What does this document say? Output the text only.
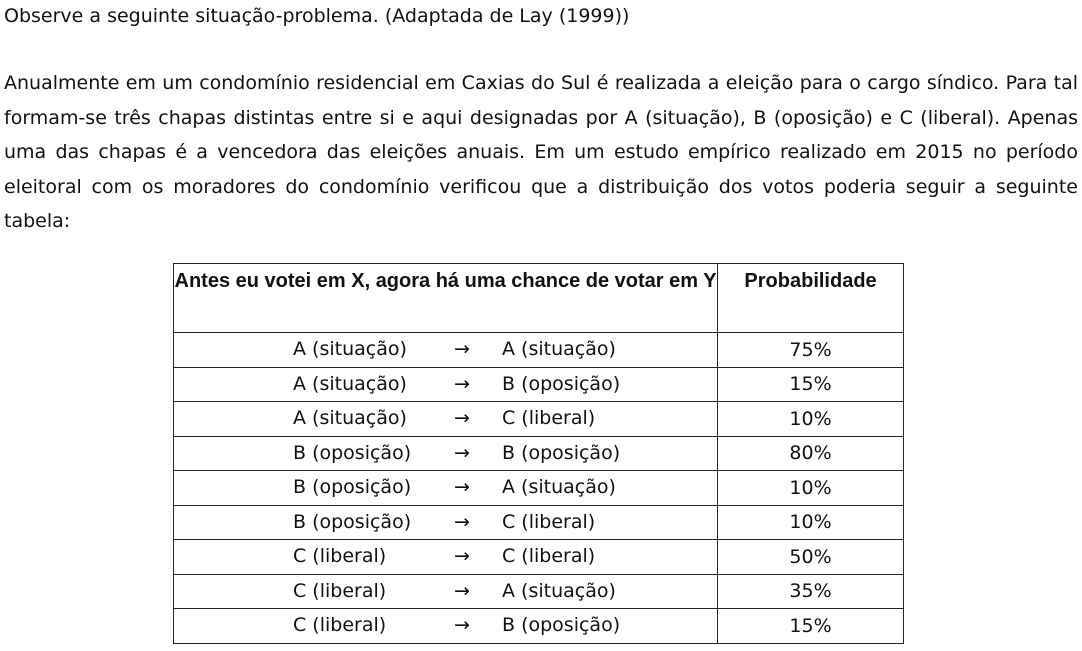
Observe a seguinte situação-problema. (Adaptada de Lay (1999))

Anualmente em um condomínio residencial em Caxias do Sul é realizada a eleição para o cargo síndico. Para tal formam-se três chapas distintas entre si e aqui designadas por A (situação), B (oposição) e C (liberal). Apenas uma das chapas é a vencedora das eleições anuais. Em um estudo empírico realizado em 2015 no período eleitoral com os moradores do condomínio verificou que a distribuição dos votos poderia seguir a seguinte tabela:

Antes eu votei em X, agora há uma chance de votar em Y	Probabilidade

A (situação) → A (situação)	75%

A (situação) → B (oposição)	15%

A (situação) → C (liberal)	10%

B (oposição) → B (oposição)	80%

B (oposição) → A (situação)	10%

B (oposição) → C (liberal)	10%

C (liberal) → C (liberal)	50%

C (liberal) → A (situação)	35%

C (liberal) → B (oposição)	15%
